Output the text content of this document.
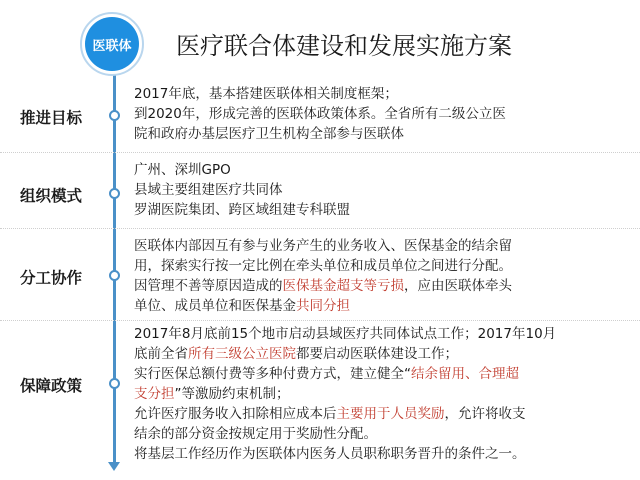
医联体	医疗联合体建设和发展实施方案
推进目标
2017年底，基本搭建医联体相关制度框架；
到2020年，形成完善的医联体政策体系。全省所有二级公立医
院和政府办基层医疗卫生机构全部参与医联体
组织模式
广州、深圳GPO
县域主要组建医疗共同体
罗湖医院集团、跨区域组建专科联盟
分工协作
医联体内部因互有参与业务产生的业务收入、医保基金的结余留
用，探索实行按一定比例在牵头单位和成员单位之间进行分配。
因管理不善等原因造成的医保基金超支等亏损，应由医联体牵头
单位、成员单位和医保基金共同分担
保障政策
2017年8月底前15个地市启动县域医疗共同体试点工作；2017年10月
底前全省所有三级公立医院都要启动医联体建设工作；
实行医保总额付费等多种付费方式，建立健全“结余留用、合理超
支分担”等激励约束机制；
允许医疗服务收入扣除相应成本后主要用于人员奖励，允许将收支
结余的部分资金按规定用于奖励性分配。
将基层工作经历作为医联体内医务人员职称职务晋升的条件之一。
